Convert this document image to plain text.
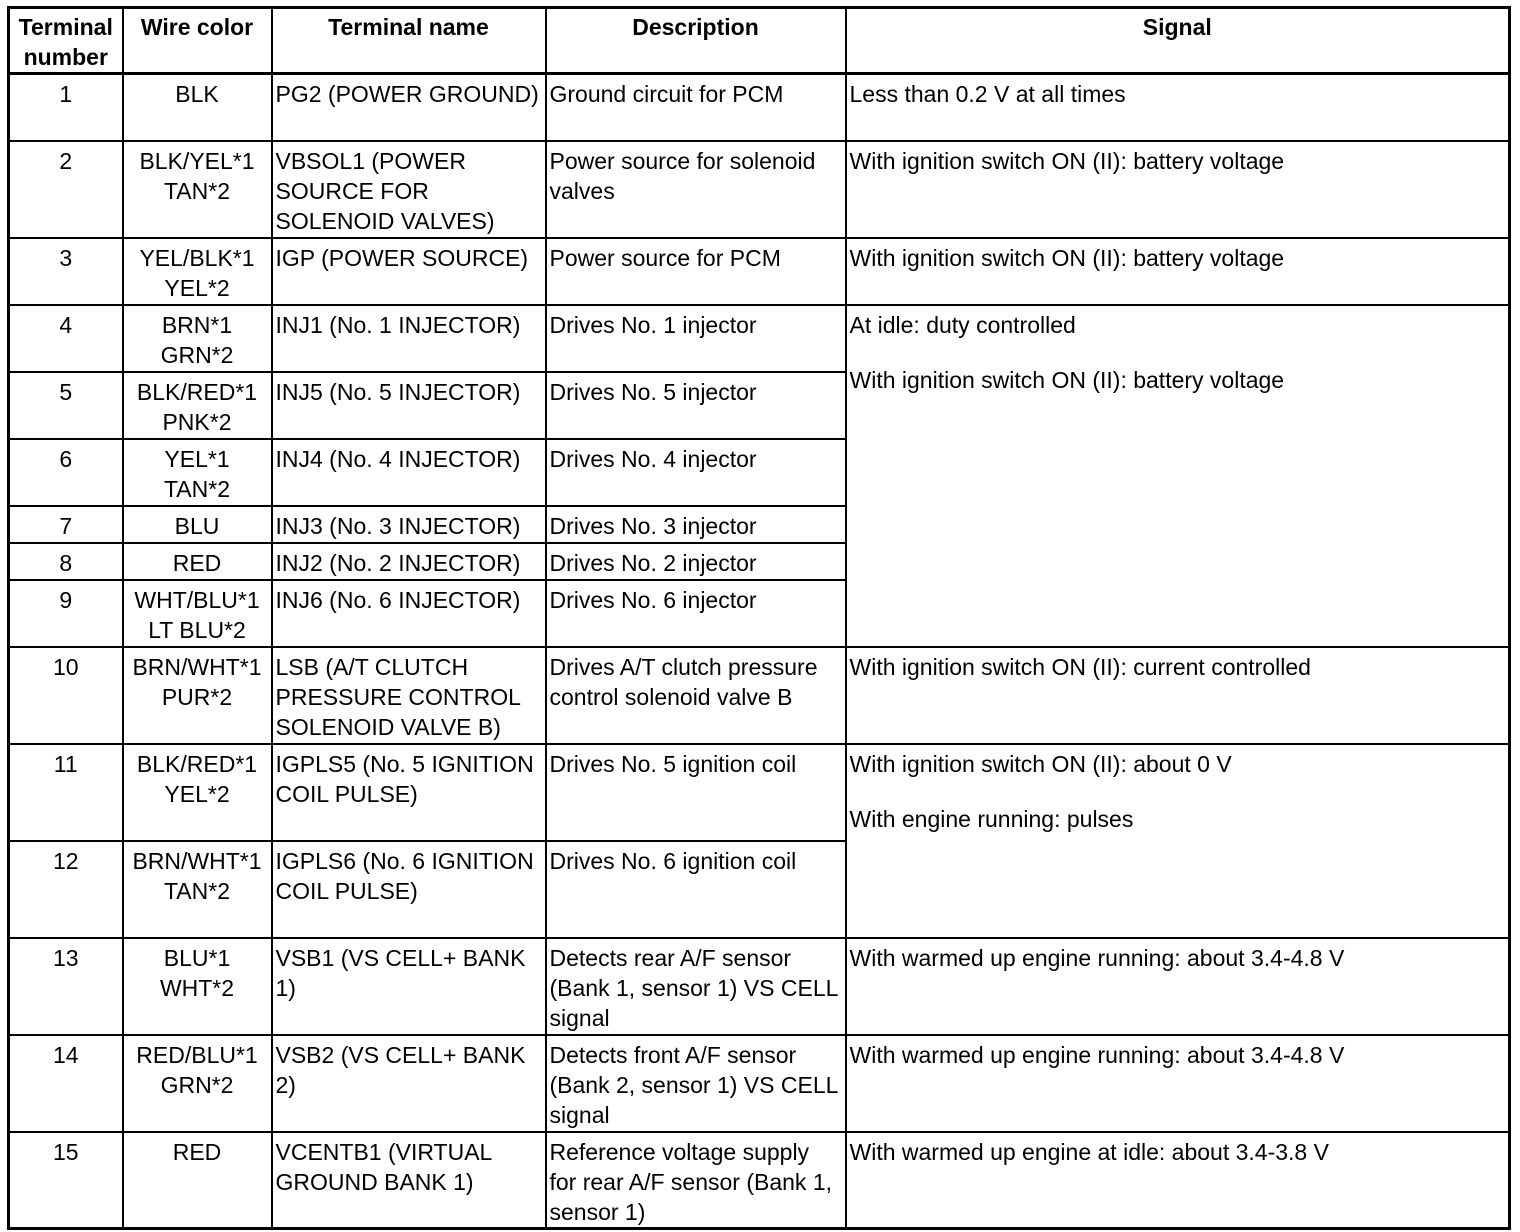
Terminal number	Wire color	Terminal name	Description	Signal
1	BLK	PG2 (POWER GROUND)	Ground circuit for PCM	Less than 0.2 V at all times

2	BLK/YEL*1
TAN*2	VBSOL1 (POWER SOURCE FOR SOLENOID VALVES)	Power source for solenoid valves	With ignition switch ON (II): battery voltage

3	YEL/BLK*1
YEL*2	IGP (POWER SOURCE)	Power source for PCM	With ignition switch ON (II): battery voltage

4	BRN*1
GRN*2	INJ1 (No. 1 INJECTOR)	Drives No. 1 injector	At idle: duty controlled
With ignition switch ON (II): battery voltage

5	BLK/RED*1
PNK*2	INJ5 (No. 5 INJECTOR)	Drives No. 5 injector	
6	YEL*1
TAN*2	INJ4 (No. 4 INJECTOR)	Drives No. 4 injector	
7	BLU	INJ3 (No. 3 INJECTOR)	Drives No. 3 injector	
8	RED	INJ2 (No. 2 INJECTOR)	Drives No. 2 injector	
9	WHT/BLU*1
LT BLU*2	INJ6 (No. 6 INJECTOR)	Drives No. 6 injector	
10	BRN/WHT*1
PUR*2	LSB (A/T CLUTCH PRESSURE CONTROL SOLENOID VALVE B)	Drives A/T clutch pressure control solenoid valve B	With ignition switch ON (II): current controlled

11	BLK/RED*1
YEL*2	IGPLS5 (No. 5 IGNITION COIL PULSE)	Drives No. 5 ignition coil	With ignition switch ON (II): about 0 V
With engine running: pulses

12	BRN/WHT*1
TAN*2	IGPLS6 (No. 6 IGNITION COIL PULSE)	Drives No. 6 ignition coil	
13	BLU*1
WHT*2	VSB1 (VS CELL+ BANK 1)	Detects rear A/F sensor (Bank 1, sensor 1) VS CELL signal	With warmed up engine running: about 3.4-4.8 V

14	RED/BLU*1
GRN*2	VSB2 (VS CELL+ BANK 2)	Detects front A/F sensor (Bank 2, sensor 1) VS CELL signal	With warmed up engine running: about 3.4-4.8 V

15	RED	VCENTB1 (VIRTUAL GROUND BANK 1)	Reference voltage supply for rear A/F sensor (Bank 1, sensor 1)	With warmed up engine at idle: about 3.4-3.8 V
